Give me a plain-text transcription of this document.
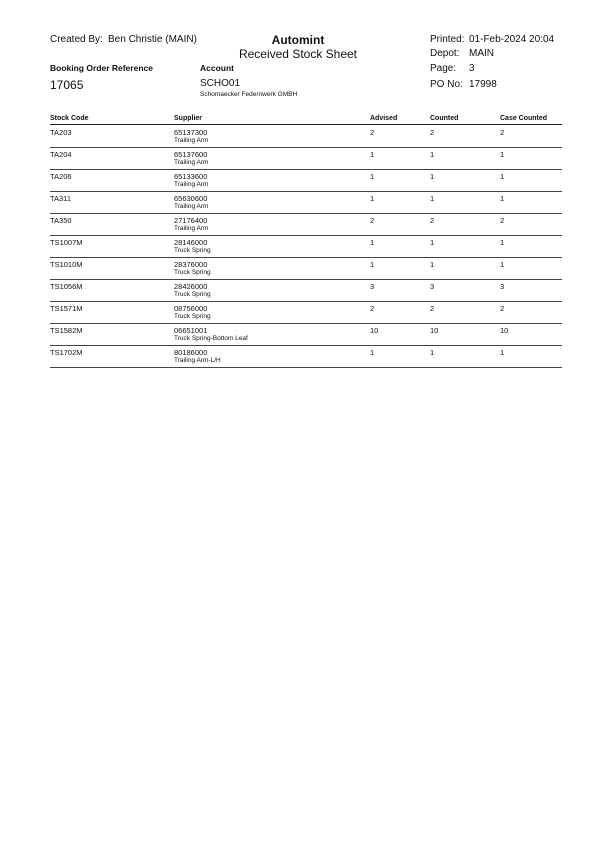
Created By: Ben Christie (MAIN)	Automint
Received Stock Sheet
Printed: 01-Feb-2024 20:04
Depot: MAIN
Page: 3
PO No: 17998
Booking Order Reference
17065
Account
SCHO01
Schomaecker Federnwerk GMBH
Stock Code	Supplier	Advised	Counted	Case Counted
TA203	65137300	2	2	2
Trailing Arm
TA204	65137600	1	1	1
Trailing Arm
TA206	65133600	1	1	1
Trailing Arm
TA311	65630600	1	1	1
Trailing Arm
TA350	27176400	2	2	2
Trailing Arm
TS1007M	28146000	1	1	1
Truck Spring
TS1010M	28376000	1	1	1
Truck Spring
TS1056M	28426000	3	3	3
Truck Spring
TS1571M	08756000	2	2	2
Truck Spring
TS1582M	06651001	10	10	10
Truck Spring-Bottom Leaf
TS1702M	80186000	1	1	1
Trailing Arm-L/H
